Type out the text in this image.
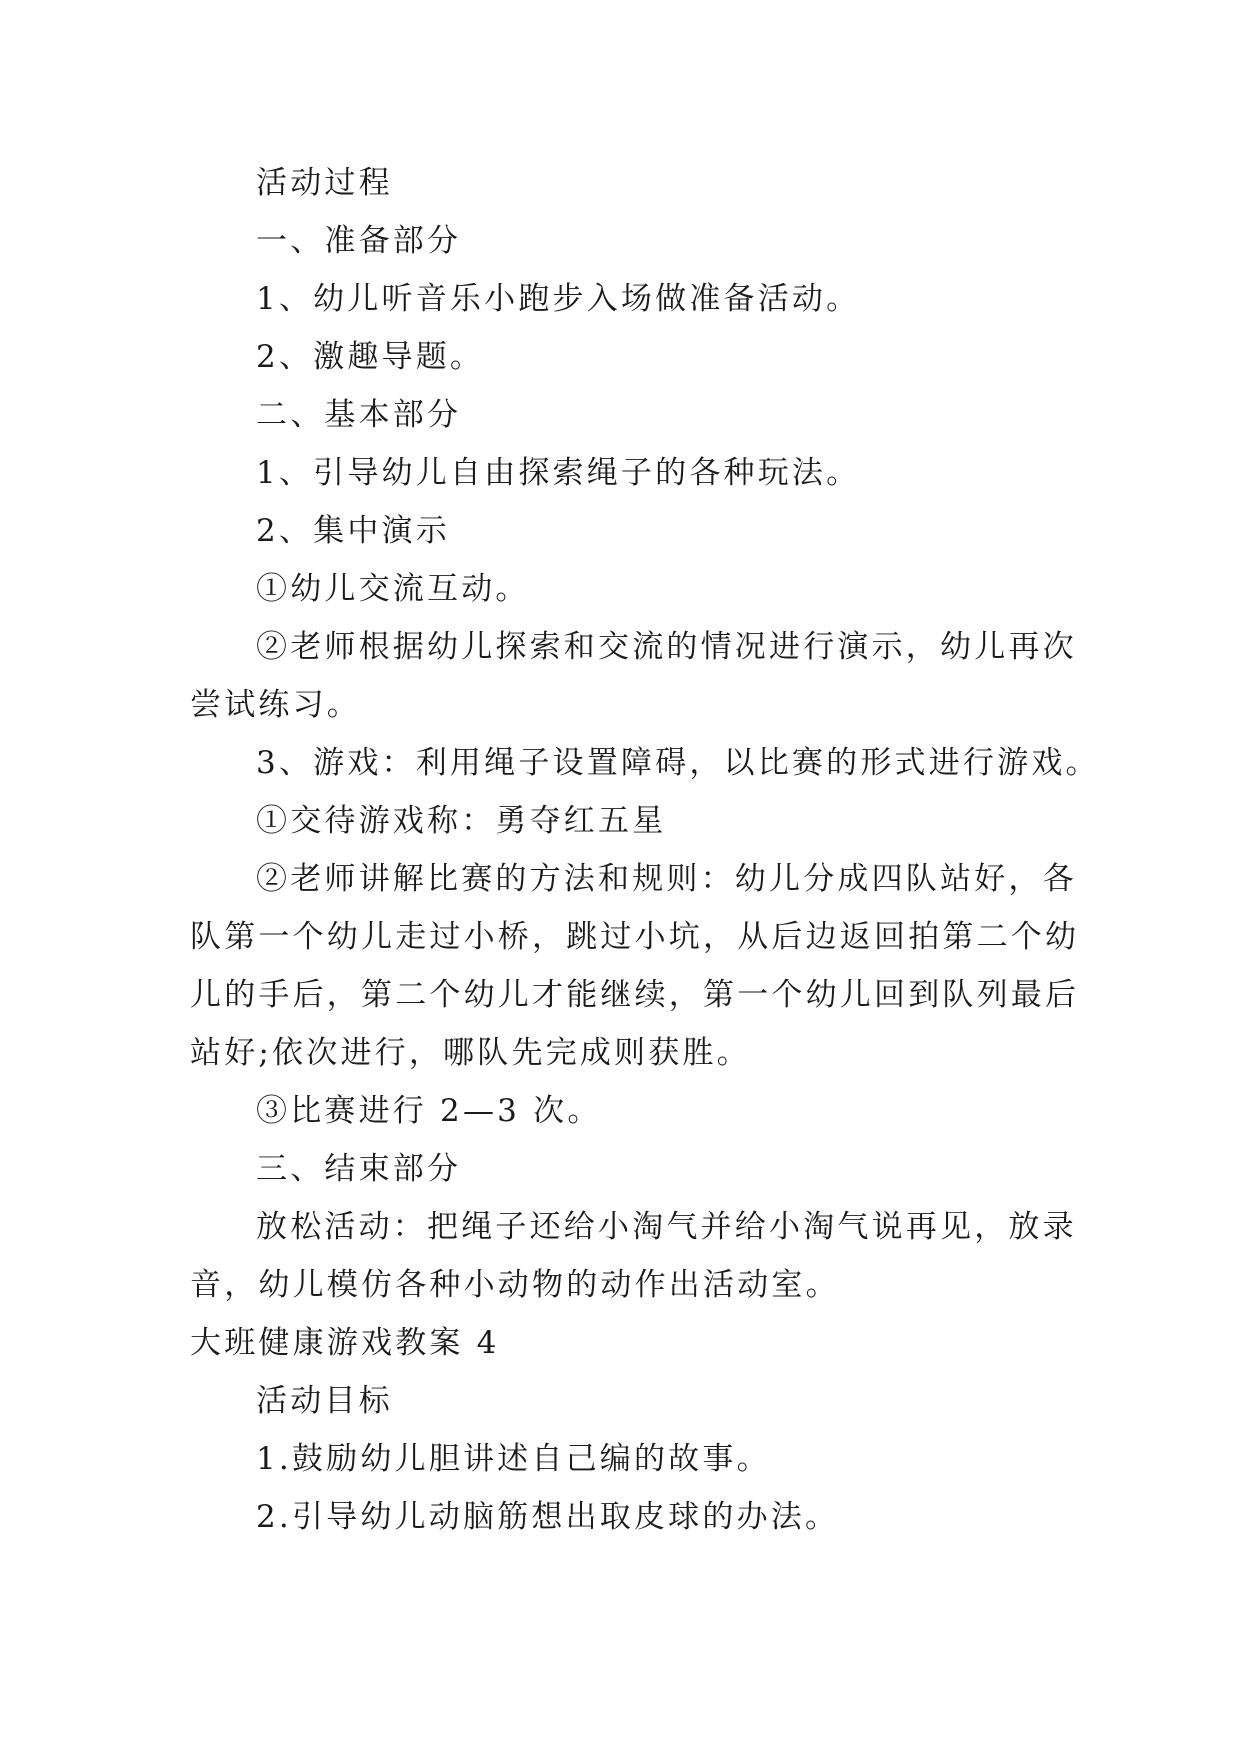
活动过程
一、准备部分
1、幼儿听音乐小跑步入场做准备活动。
2、激趣导题。
二、基本部分
1、引导幼儿自由探索绳子的各种玩法。
2、集中演示
①幼儿交流互动。
②老师根据幼儿探索和交流的情况进行演示，幼儿再次
尝试练习。
3、游戏：利用绳子设置障碍，以比赛的形式进行游戏。
①交待游戏称：勇夺红五星
②老师讲解比赛的方法和规则：幼儿分成四队站好，各
队第一个幼儿走过小桥，跳过小坑，从后边返回拍第二个幼
儿的手后，第二个幼儿才能继续，第一个幼儿回到队列最后
站好;依次进行，哪队先完成则获胜。
③比赛进行 2—3 次。
三、结束部分
放松活动：把绳子还给小淘气并给小淘气说再见，放录
音，幼儿模仿各种小动物的动作出活动室。
大班健康游戏教案 4
活动目标
1.鼓励幼儿胆讲述自己编的故事。
2.引导幼儿动脑筋想出取皮球的办法。
